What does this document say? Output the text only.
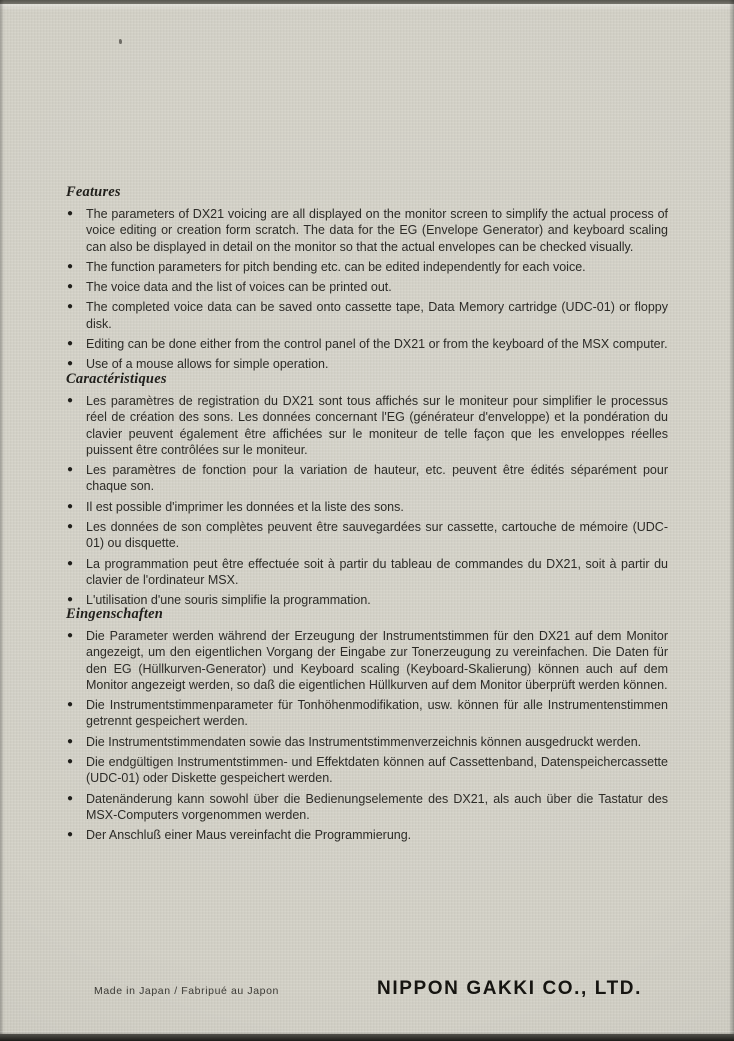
Features
● The parameters of DX21 voicing are all displayed on the monitor screen to simplify the actual process of voice editing or creation form scratch. The data for the EG (Envelope Generator) and keyboard scaling can also be displayed in detail on the monitor so that the actual envelopes can be checked visually.
● The function parameters for pitch bending etc. can be edited independently for each voice.
● The voice data and the list of voices can be printed out.
● The completed voice data can be saved onto cassette tape, Data Memory cartridge (UDC-01) or floppy disk.
● Editing can be done either from the control panel of the DX21 or from the keyboard of the MSX computer.
● Use of a mouse allows for simple operation.
Caractéristiques
● Les paramètres de registration du DX21 sont tous affichés sur le moniteur pour simplifier le processus réel de création des sons. Les données concernant l'EG (générateur d'enveloppe) et la pondération du clavier peuvent également être affichées sur le moniteur de telle façon que les enveloppes réelles puissent être contrôlées sur le moniteur.
● Les paramètres de fonction pour la variation de hauteur, etc. peuvent être édités séparément pour chaque son.
● Il est possible d'imprimer les données et la liste des sons.
● Les données de son complètes peuvent être sauvegardées sur cassette, cartouche de mémoire (UDC-01) ou disquette.
● La programmation peut être effectuée soit à partir du tableau de commandes du DX21, soit à partir du clavier de l'ordinateur MSX.
● L'utilisation d'une souris simplifie la programmation.
Eingenschaften
● Die Parameter werden während der Erzeugung der Instrumentstimmen für den DX21 auf dem Monitor angezeigt, um den eigentlichen Vorgang der Eingabe zur Tonerzeugung zu vereinfachen. Die Daten für den EG (Hüllkurven-Generator) und Keyboard scaling (Keyboard-Skalierung) können auch auf dem Monitor angezeigt werden, so daß die eigentlichen Hüllkurven auf dem Monitor überprüft werden können.
● Die Instrumentstimmenparameter für Tonhöhenmodifikation, usw. können für alle Instrumentenstimmen getrennt gespeichert werden.
● Die Instrumentstimmendaten sowie das Instrumentstimmenverzeichnis können ausgedruckt werden.
● Die endgültigen Instrumentstimmen- und Effektdaten können auf Cassettenband, Datenspeichercassette (UDC-01) oder Diskette gespeichert werden.
● Datenänderung kann sowohl über die Bedienungselemente des DX21, als auch über die Tastatur des MSX-Computers vorgenommen werden.
● Der Anschluß einer Maus vereinfacht die Programmierung.
Made in Japan / Fabripué au Japon	NIPPON GAKKI CO., LTD.
